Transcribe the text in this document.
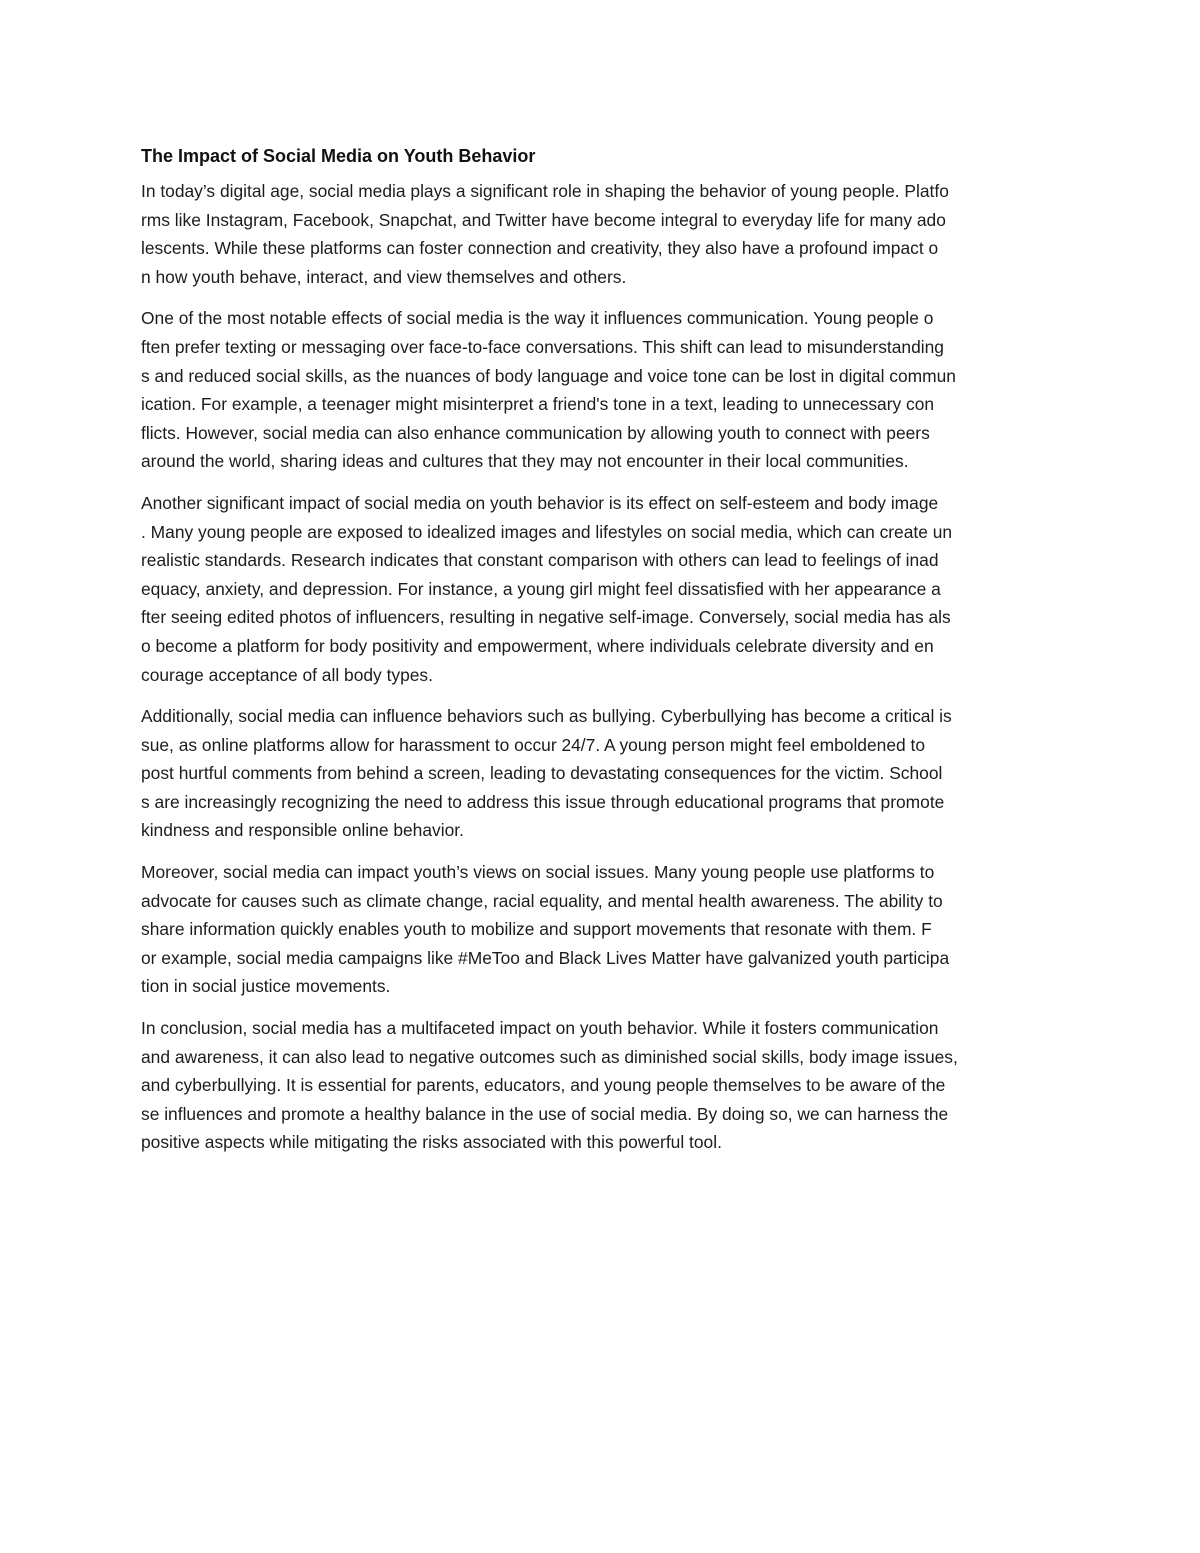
The Impact of Social Media on Youth Behavior
In today’s digital age, social media plays a significant role in shaping the behavior of young people. Platfo
rms like Instagram, Facebook, Snapchat, and Twitter have become integral to everyday life for many ado
lescents. While these platforms can foster connection and creativity, they also have a profound impact o
n how youth behave, interact, and view themselves and others.
One of the most notable effects of social media is the way it influences communication. Young people o
ften prefer texting or messaging over face-to-face conversations. This shift can lead to misunderstanding
s and reduced social skills, as the nuances of body language and voice tone can be lost in digital commun
ication. For example, a teenager might misinterpret a friend's tone in a text, leading to unnecessary con
flicts. However, social media can also enhance communication by allowing youth to connect with peers
around the world, sharing ideas and cultures that they may not encounter in their local communities.
Another significant impact of social media on youth behavior is its effect on self-esteem and body image
. Many young people are exposed to idealized images and lifestyles on social media, which can create un
realistic standards. Research indicates that constant comparison with others can lead to feelings of inad
equacy, anxiety, and depression. For instance, a young girl might feel dissatisfied with her appearance a
fter seeing edited photos of influencers, resulting in negative self-image. Conversely, social media has als
o become a platform for body positivity and empowerment, where individuals celebrate diversity and en
courage acceptance of all body types.
Additionally, social media can influence behaviors such as bullying. Cyberbullying has become a critical is
sue, as online platforms allow for harassment to occur 24/7. A young person might feel emboldened to
post hurtful comments from behind a screen, leading to devastating consequences for the victim. School
s are increasingly recognizing the need to address this issue through educational programs that promote
kindness and responsible online behavior.
Moreover, social media can impact youth’s views on social issues. Many young people use platforms to
advocate for causes such as climate change, racial equality, and mental health awareness. The ability to
share information quickly enables youth to mobilize and support movements that resonate with them. F
or example, social media campaigns like #MeToo and Black Lives Matter have galvanized youth participa
tion in social justice movements.
In conclusion, social media has a multifaceted impact on youth behavior. While it fosters communication
and awareness, it can also lead to negative outcomes such as diminished social skills, body image issues,
and cyberbullying. It is essential for parents, educators, and young people themselves to be aware of the
se influences and promote a healthy balance in the use of social media. By doing so, we can harness the
positive aspects while mitigating the risks associated with this powerful tool.
